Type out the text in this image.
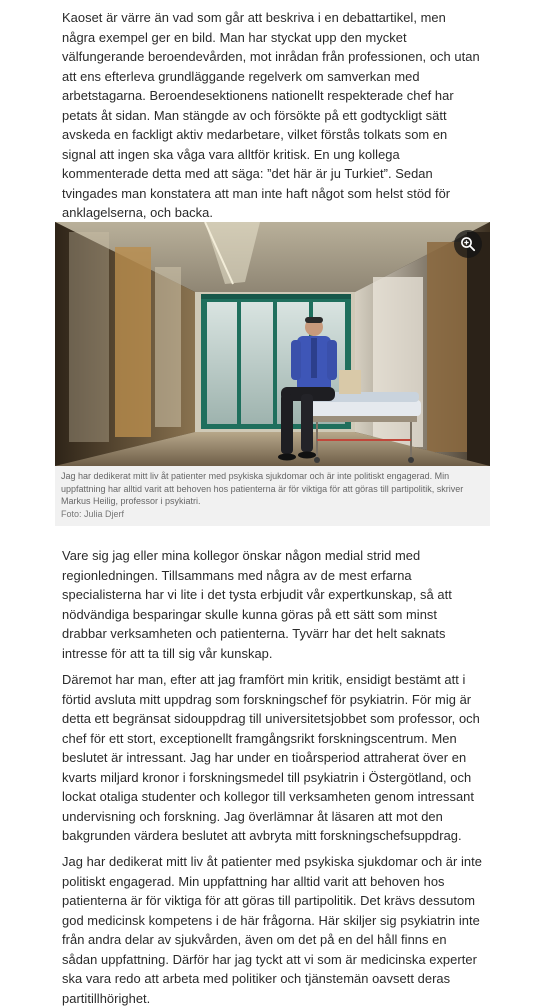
Kaoset är värre än vad som går att beskriva i en debattartikel, men några exempel ger en bild. Man har styckat upp den mycket välfungerande beroendevården, mot inrådan från professionen, och utan att ens efterleva grundläggande regelverk om samverkan med arbetstagarna. Beroendesektionens nationellt respekterade chef har petats åt sidan. Man stängde av och försökte på ett godtyckligt sätt avskeda en fackligt aktiv medarbetare, vilket förstås tolkats som en signal att ingen ska våga vara alltför kritisk. En ung kollega kommenterade detta med att säga: ”det här är ju Turkiet”. Sedan tvingades man konstatera att man inte haft något som helst stöd för anklagelserna, och backa.

Jag har dedikerat mitt liv åt patienter med psykiska sjukdomar och är inte politiskt engagerad. Min uppfattning har alltid varit att behoven hos patienterna är för viktiga för att göras till partipolitik, skriver Markus Heilig, professor i psykiatri.
Foto: Julia Djerf

Vare sig jag eller mina kollegor önskar någon medial strid med regionledningen. Tillsammans med några av de mest erfarna specialisterna har vi lite i det tysta erbjudit vår expertkunskap, så att nödvändiga besparingar skulle kunna göras på ett sätt som minst drabbar verksamheten och patienterna. Tyvärr har det helt saknats intresse för att ta till sig vår kunskap.

Däremot har man, efter att jag framfört min kritik, ensidigt bestämt att i förtid avsluta mitt uppdrag som forskningschef för psykiatrin. För mig är detta ett begränsat sidouppdrag till universitetsjobbet som professor, och chef för ett stort, exceptionellt framgångsrikt forskningscentrum. Men beslutet är intressant. Jag har under en tioårsperiod attraherat över en kvarts miljard kronor i forskningsmedel till psykiatrin i Östergötland, och lockat otaliga studenter och kollegor till verksamheten genom intressant undervisning och forskning. Jag överlämnar åt läsaren att mot den bakgrunden värdera beslutet att avbryta mitt forskningschefsuppdrag.

Jag har dedikerat mitt liv åt patienter med psykiska sjukdomar och är inte politiskt engagerad. Min uppfattning har alltid varit att behoven hos patienterna är för viktiga för att göras till partipolitik. Det krävs dessutom god medicinsk kompetens i de här frågorna. Här skiljer sig psykiatrin inte från andra delar av sjukvården, även om det på en del håll finns en sådan uppfattning. Därför har jag tyckt att vi som är medicinska experter ska vara redo att arbeta med politiker och tjänstemän oavsett deras partitillhörighet.
